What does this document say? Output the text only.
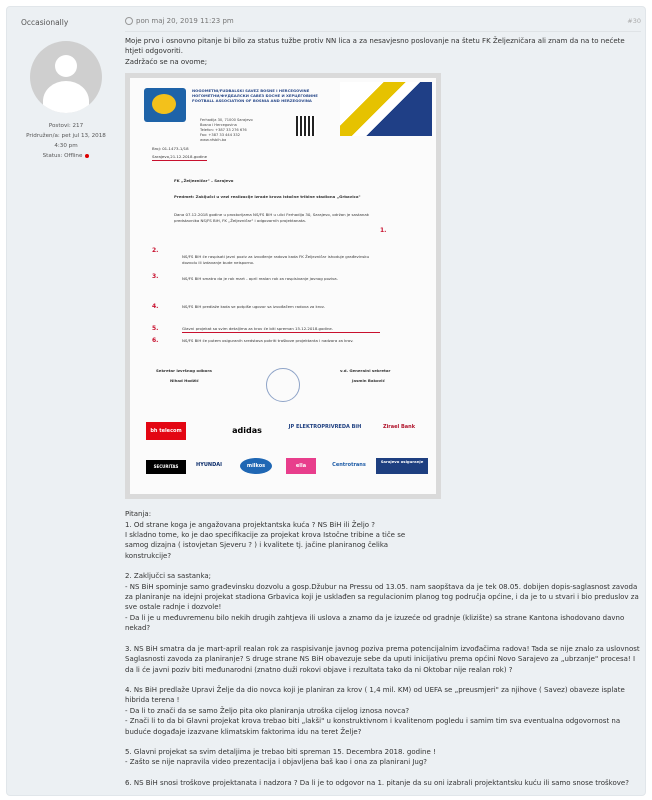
Occasionally
Postovi: 217
Pridružen/a: pet jul 13, 2018
4:30 pm
Status: Offline
pon maj 20, 2019 11:23 pm	#30

Moje prvo i osnovno pitanje bi bilo za status tužbe protiv NN lica a za nesavjesno poslovanje na štetu FK Željezničara ali znam da na to nećete htjeti odgovoriti.

Zadržaćo se na ovome;

NOGOMETNI/FUDBALSKI SAVEZ BOSNE I HERCEGOVINE
НОГОМЕТНИ/ФУДБАЛСКИ САВЕЗ БОСНЕ И ХЕРЦЕГОВИНЕ
FOOTBALL ASSOCIATION OF BOSNIA AND HERZEGOVINA
Ferhadija 30, 71000 Sarajevo
Bosna i Hercegovina
Telefon: +387 33 276 676
Fax: +387 33 444 332
www.nfsbih.ba
Broj: 01-1473-1/18
Sarajevo,21.12.2018.godine
FK „Željezničar" – Sarajevo
Predmet: Zaključci u vezi realizacije izrade krova istočne tribine stadiona „Grbavica"
Dana 07.12.2018 godine u prostorijama NS/FS BiH u ulici Ferhadija 30, Sarajevo, održan je sastanak predstavnika NS/FS BiH, FK „Željezničar" i odgovornih projektanata.
1.
2.
NS/FS BiH će raspisati javni poziv za izvođenje radova kada FK Željezničar ishoduje građevinsku dozvolu ili izdavanje bude neisporno.
3.	NS/FS BiH smatra da je rok mart - april realan rok za raspisivanje javnog poziva.
4.	NS/FS BiH predlaže kada se potpiše ugovor sa izvođačem radova za krov.
5.	Glavni projekat sa svim detaljima za krov će biti spreman 15.12.2018.godine.
6.	NS/FS BiH će putem osiguranih sredstava pokriti troškove projektanta i nadzora za krov.
Sekretar Izvršnog odbora
Nihad Hodžić
v.d. Generalni sekretar
Jasmin Baković
bh telecom	adidas	JP ELEKTROPRIVREDA BiH	Zirael Bank
SECURITAS	HYUNDAI	milkos	ella	Centrotrans
Sarajevo osiguranje

Pitanja:

1. Od strane koga je angažovana projektantska kuća ? NS BiH ili Željo ?

I skladno tome, ko je dao specifikacije za projekat krova Istočne tribine a tiče se

samog dizajna ( istovjetan Sjeveru ? ) i kvalitete tj. jačine planiranog čelika

konstrukcije?

2. Zaključci sa sastanka;

- NS BiH spominje samo građevinsku dozvolu a gosp.Džubur na Pressu od 13.05. nam saopštava da je tek 08.05. dobijen dopis-saglasnost zavoda za planiranje na idejni projekat stadiona Grbavica koji je usklađen sa regulacionim planog tog područja općine, i da je to u stvari i bio preduslov za sve ostale radnje i dozvole!

- Da li je u međuvremenu bilo nekih drugih zahtjeva ili uslova a znamo da je izuzeće od gradnje (klizište) sa strane Kantona ishodovano davno nekad?

3. NS BiH smatra da je mart-april realan rok za raspisivanje javnog poziva prema potencijalnim izvođačima radova! Tada se nije znalo za uslovnost Saglasnosti zavoda za planiranje? S druge strane NS BiH obavezuje sebe da uputi inicijativu prema općini Novo Sarajevo za „ubrzanje" procesa! I da li će javni poziv biti međunarodni (znatno duži rokovi objave i rezultata tako da ni Oktobar nije realan rok) ?

4. Ns BiH predlaže Upravi Želje da dio novca koji je planiran za krov ( 1,4 mil. KM) od UEFA se „preusmjeri" za njihove ( Savez) obaveze isplate hibrida terena !

- Da li to znači da se samo Željo pita oko planiranja utroška cijelog iznosa novca?

- Znači li to da bi Glavni projekat krova trebao biti „lakši" u konstruktivnom i kvalitenom pogledu i samim tim sva eventualna odgovornost na buduće događaje izazvane klimatskim faktorima idu na teret Želje?

5. Glavni projekat sa svim detaljima je trebao biti spreman 15. Decembra 2018. godine !

- Zašto se nije napravila video prezentacija i objavljena baš kao i ona za planirani Jug?

6. NS BiH snosi troškove projektanata i nadzora ? Da li je to odgovor na 1. pitanje da su oni izabrali projektantsku kuću ili samo snose troškove?
